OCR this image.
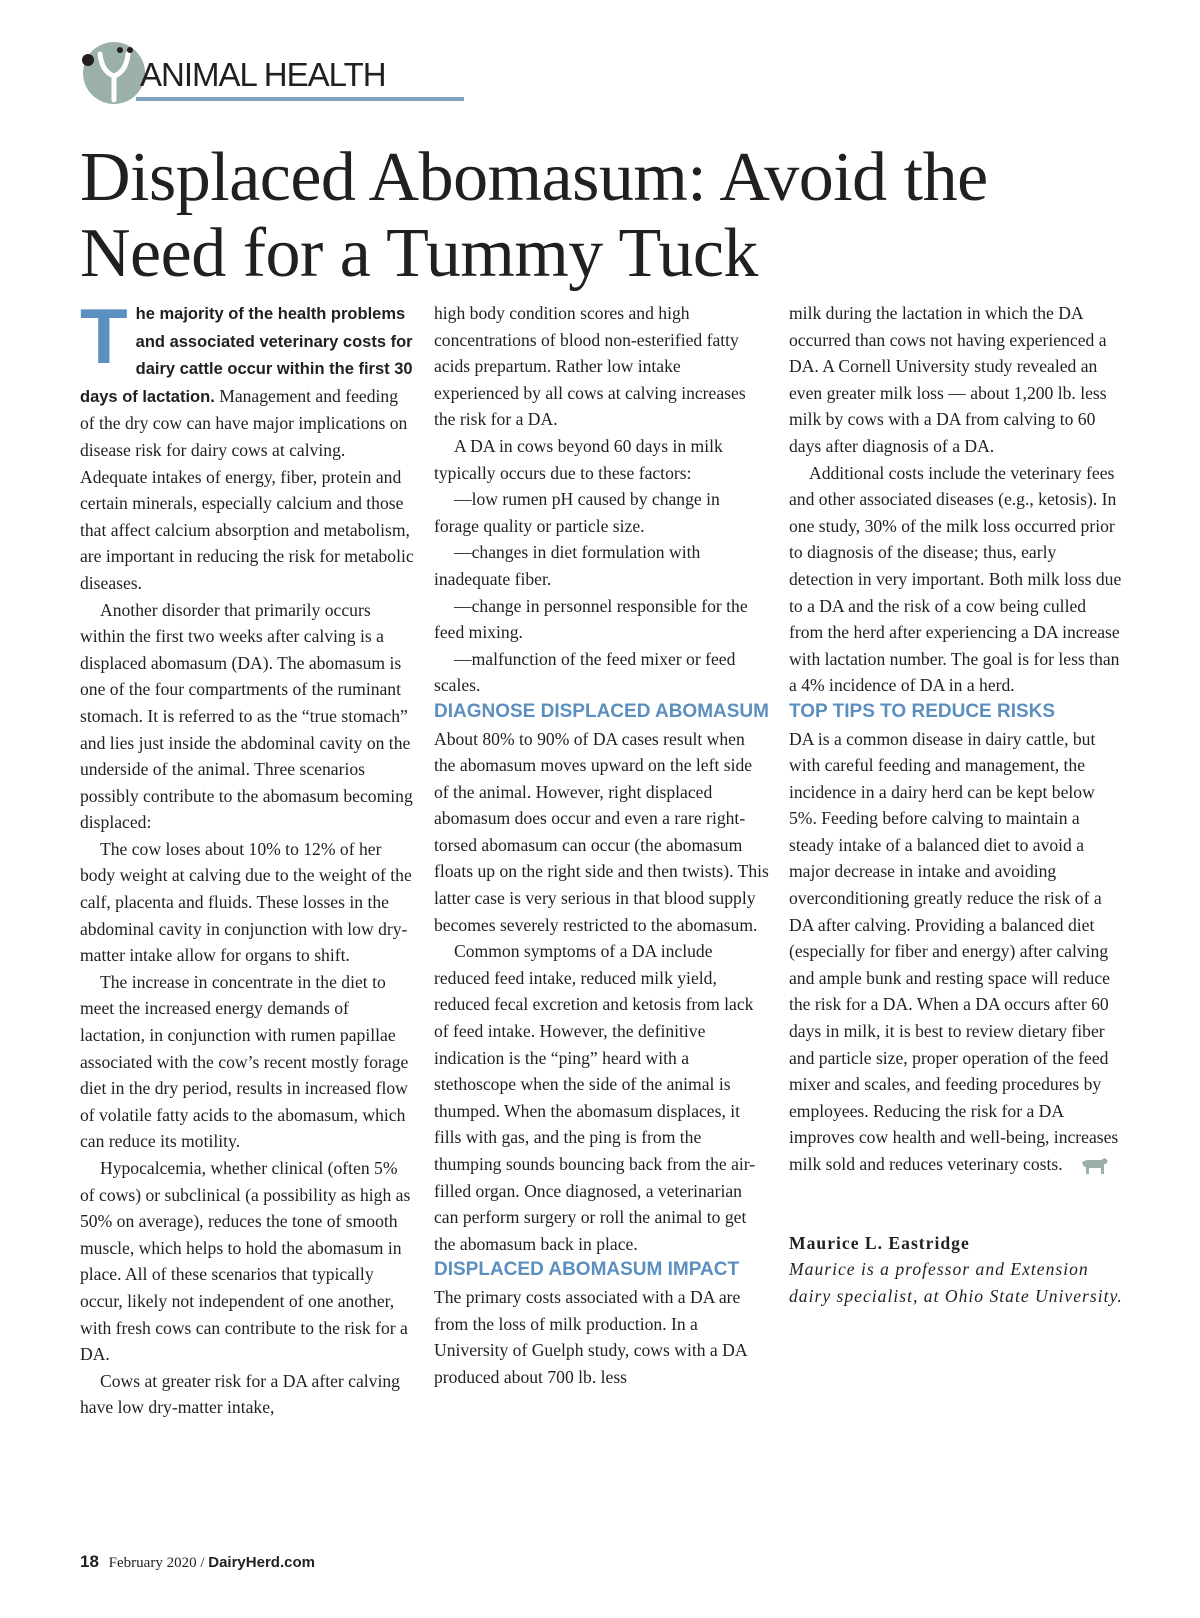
ANIMAL HEALTH
Displaced Abomasum: Avoid the Need for a Tummy Tuck

T he majority of the health problems and associated veterinary costs for dairy cattle occur within the first 30 days of lactation. Management and feeding of the dry cow can have major implications on disease risk for dairy cows at calving. Adequate intakes of energy, fiber, protein and certain minerals, especially calcium and those that affect calcium absorption and metabolism, are important in reducing the risk for metabolic diseases.

Another disorder that primarily occurs within the first two weeks after calving is a displaced abomasum (DA). The abomasum is one of the four compartments of the ruminant stomach. It is referred to as the “true stomach” and lies just inside the abdominal cavity on the underside of the animal. Three scenarios possibly contribute to the abomasum becoming displaced:

The cow loses about 10% to 12% of her body weight at calving due to the weight of the calf, placenta and fluids. These losses in the abdominal cavity in conjunction with low dry-matter intake allow for organs to shift.

The increase in concentrate in the diet to meet the increased energy demands of lactation, in conjunction with rumen papillae associated with the cow’s recent mostly forage diet in the dry period, results in increased flow of volatile fatty acids to the abomasum, which can reduce its motility.

Hypocalcemia, whether clinical (often 5% of cows) or subclinical (a possibility as high as 50% on average), reduces the tone of smooth muscle, which helps to hold the abomasum in place. All of these scenarios that typically occur, likely not independent of one another, with fresh cows can contribute to the risk for a DA.

Cows at greater risk for a DA after calving have low dry-matter intake,

high body condition scores and high concentrations of blood non-esterified fatty acids prepartum. Rather low intake experienced by all cows at calving increases the risk for a DA.

A DA in cows beyond 60 days in milk typically occurs due to these factors:

—low rumen pH caused by change in forage quality or particle size.

—changes in diet formulation with inadequate fiber.

—change in personnel responsible for the feed mixing.

—malfunction of the feed mixer or feed scales.

DIAGNOSE DISPLACED ABOMASUM

About 80% to 90% of DA cases result when the abomasum moves upward on the left side of the animal. However, right displaced abomasum does occur and even a rare right-torsed abomasum can occur (the abomasum floats up on the right side and then twists). This latter case is very serious in that blood supply becomes severely restricted to the abomasum.

Common symptoms of a DA include reduced feed intake, reduced milk yield, reduced fecal excretion and ketosis from lack of feed intake. However, the definitive indication is the “ping” heard with a stethoscope when the side of the animal is thumped. When the abomasum displaces, it fills with gas, and the ping is from the thumping sounds bouncing back from the air-filled organ. Once diagnosed, a veterinarian can perform surgery or roll the animal to get the abomasum back in place.

DISPLACED ABOMASUM IMPACT

The primary costs associated with a DA are from the loss of milk production. In a University of Guelph study, cows with a DA produced about 700 lb. less

milk during the lactation in which the DA occurred than cows not having experienced a DA. A Cornell University study revealed an even greater milk loss — about 1,200 lb. less milk by cows with a DA from calving to 60 days after diagnosis of a DA.

Additional costs include the veterinary fees and other associated diseases (e.g., ketosis). In one study, 30% of the milk loss occurred prior to diagnosis of the disease; thus, early detection in very important. Both milk loss due to a DA and the risk of a cow being culled from the herd after experiencing a DA increase with lactation number. The goal is for less than a 4% incidence of DA in a herd.

TOP TIPS TO REDUCE RISKS

DA is a common disease in dairy cattle, but with careful feeding and management, the incidence in a dairy herd can be kept below 5%. Feeding before calving to maintain a steady intake of a balanced diet to avoid a major decrease in intake and avoiding overconditioning greatly reduce the risk of a DA after calving. Providing a balanced diet (especially for fiber and energy) after calving and ample bunk and resting space will reduce the risk for a DA. When a DA occurs after 60 days in milk, it is best to review dietary fiber and particle size, proper operation of the feed mixer and scales, and feeding procedures by employees. Reducing the risk for a DA improves cow health and well-being, increases milk sold and reduces veterinary costs.

Maurice L. Eastridge

Maurice is a professor and Extension dairy specialist, at Ohio State University.

18 February 2020 / DairyHerd.com
